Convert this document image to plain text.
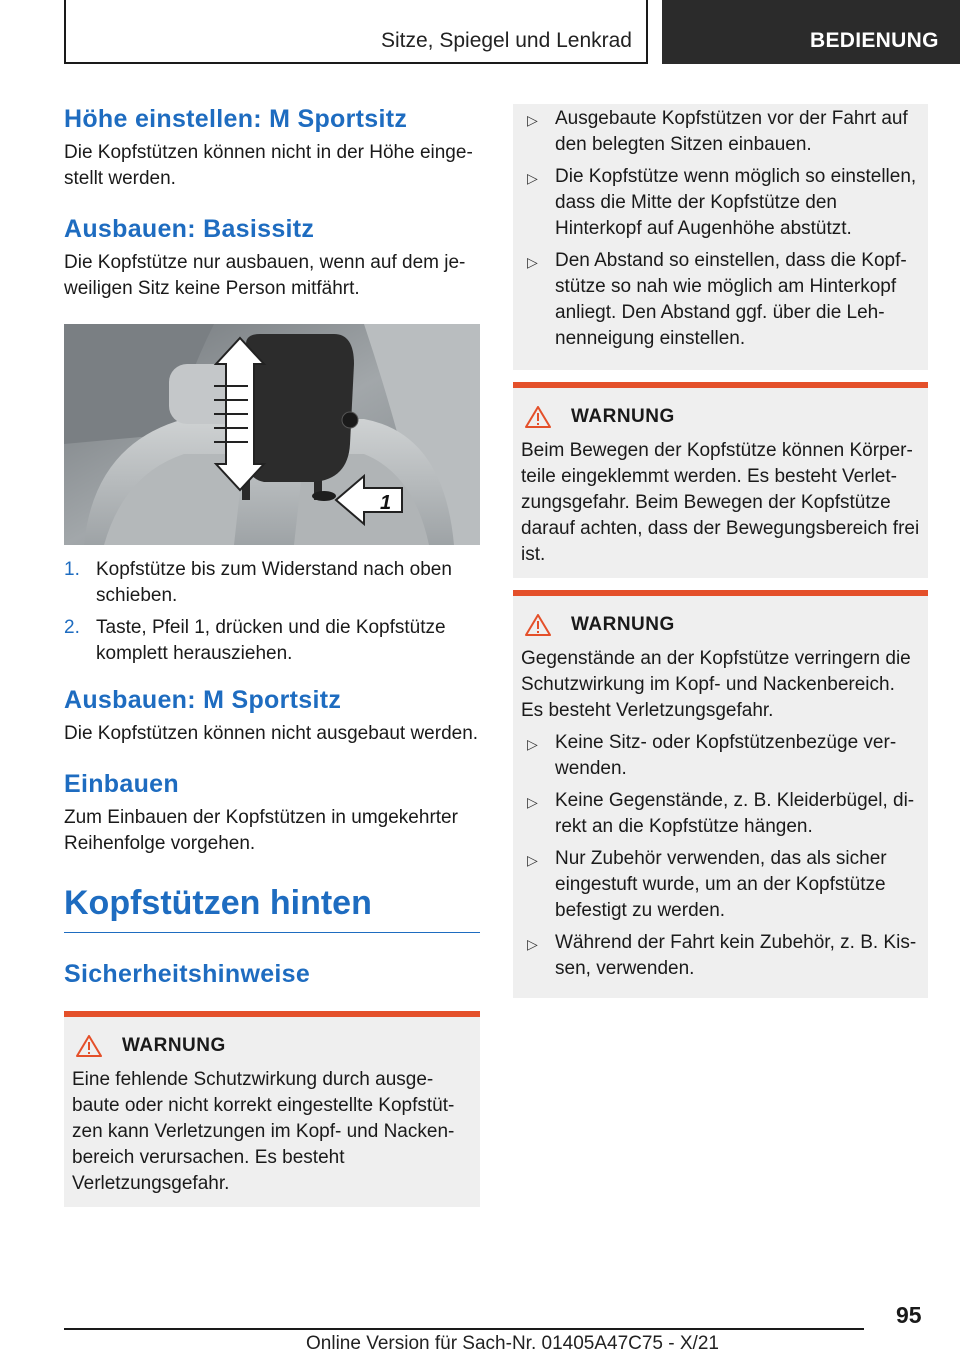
Sitze, Spiegel und Lenkrad	BEDIENUNG
Höhe einstellen: M Sportsitz

Die Kopfstützen können nicht in der Höhe eingestellt werden.

Ausbauen: Basissitz

Die Kopfstütze nur ausbauen, wenn auf dem jeweiligen Sitz keine Person mitfährt.

1
1. Kopfstütze bis zum Widerstand nach oben schieben.
2. Taste, Pfeil 1, drücken und die Kopfstütze komplett herausziehen.
Ausbauen: M Sportsitz

Die Kopfstützen können nicht ausgebaut werden.

Einbauen

Zum Einbauen der Kopfstützen in umgekehrter Reihenfolge vorgehen.

Kopfstützen hinten
Sicherheitshinweise
WARNUNG

Eine fehlende Schutzwirkung durch ausgebaute oder nicht korrekt eingestellte Kopfstützen kann Verletzungen im Kopf- und Nackenbereich verursachen. Es besteht Verletzungsgefahr.

▷ Ausgebaute Kopfstützen vor der Fahrt auf den belegten Sitzen einbauen.
▷ Die Kopfstütze wenn möglich so einstellen, dass die Mitte der Kopfstütze den Hinterkopf auf Augenhöhe abstützt.
▷ Den Abstand so einstellen, dass die Kopfstütze so nah wie möglich am Hinterkopf anliegt. Den Abstand ggf. über die Lehnenneigung einstellen.
WARNUNG

Beim Bewegen der Kopfstütze können Körperteile eingeklemmt werden. Es besteht Verletzungsgefahr. Beim Bewegen der Kopfstütze darauf achten, dass der Bewegungsbereich frei ist.

WARNUNG

Gegenstände an der Kopfstütze verringern die Schutzwirkung im Kopf- und Nackenbereich. Es besteht Verletzungsgefahr.

▷ Keine Sitz- oder Kopfstützenbezüge verwenden.
▷ Keine Gegenstände, z. B. Kleiderbügel, direkt an die Kopfstütze hängen.
▷ Nur Zubehör verwenden, das als sicher eingestuft wurde, um an der Kopfstütze befestigt zu werden.
▷ Während der Fahrt kein Zubehör, z. B. Kissen, verwenden.
95
Online Version für Sach-Nr. 01405A47C75 - X/21
